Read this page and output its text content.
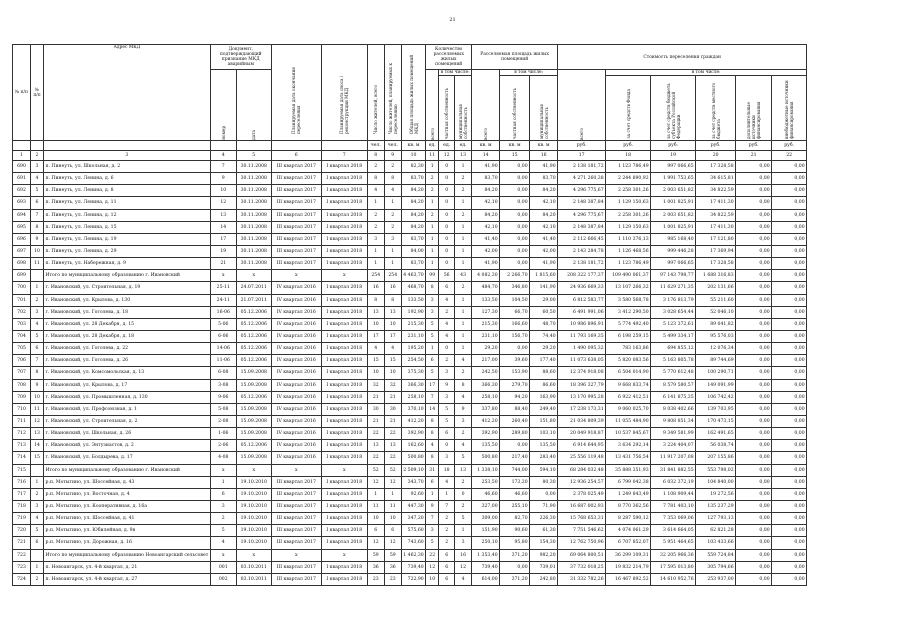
21
№ п/п	№ п/п	Адрес МКД	Документ, подтверждающий признание МКД аварийным		Планируемая дата окончания переселения	Планируемая дата сноса / реконструкции МКД	Число жителей, всего	Число жителей, планируемых к переселению	Общая площадь жилых помещений МКД	Количество расселяемых жилых помещений			Расселяемая площадь жилых помещений			Стоимость переселения граждан					

			номер	дата						всего	в том числе:		всего	в том числе:		всего	в том числе:				

											частная собственность	муниципальная собственность		частная собственность	муниципальная собственность		за счет средств Фонда	за счет средств бюджета субъекта Российской Федерации	за счет средств местного бюджета	дополнительные источники финансирования	внебюджетные источники финансирования

							чел.	чел.	кв. м	ед.	ед.	ед.	кв. м	кв. м	кв. м	руб.	руб.	руб.	руб.	руб.	руб.
1	2	3	4	5	6	7	8	9	10	11	12	13	14	15	16	17	18	19	20	21	22
690	3	п. Пинеуть, ул. Школьная, д. 2	7	30.11.2008	III квартал 2017	I квартал 2018	2	2	82,30	1	0	1	41,90	0,00	41,90	2 138 181,72	1 123 786,49	997 066,65	17 328,58	0,00	0,00
691	4	п. Пинеуть, ул. Ленина, д. 6	9	30.11.2008	III квартал 2017	I квартал 2018	8	8	83,70	2	0	2	83,70	0,00	83,70	4 271 260,38	2 244 890,92	1 991 753,65	34 615,81	0,00	0,00
692	5	п. Пинеуть, ул. Ленина, д. 8	10	30.11.2008	III квартал 2017	I квартал 2018	4	4	84,20	2	0	2	84,20	0,00	84,20	4 296 775,67	2 258 301,26	2 003 651,82	34 822,59	0,00	0,00
693	6	п. Пинеуть, ул. Ленина, д. 11	12	30.11.2008	III квартал 2017	I квартал 2018	1	1	84,20	1	0	1	42,10	0,00	42,10	2 148 387,84	1 129 150,63	1 001 825,91	17 411,30	0,00	0,00
694	7	п. Пинеуть, ул. Ленина, д. 12	13	30.11.2008	III квартал 2017	I квартал 2018	2	2	84,20	2	0	2	84,20	0,00	84,20	4 296 775,67	2 258 301,26	2 003 651,82	34 822,59	0,00	0,00
695	8	п. Пинеуть, ул. Ленина, д. 15	14	30.11.2008	III квартал 2017	I квартал 2018	2	2	84,20	1	0	1	42,10	0,00	42,10	2 148 387,84	1 129 150,63	1 001 825,91	17 411,30	0,00	0,00
696	9	п. Пинеуть, ул. Ленина, д. 19	17	30.11.2008	III квартал 2017	I квартал 2018	3	3	83,70	1	0	1	41,40	0,00	41,40	2 112 666,45	1 110 376,13	985 168,40	17 121,80	0,00	0,00
697	10	п. Пинеуть, ул. Ленина, д. 29	19	30.11.2008	III квартал 2017	I квартал 2018	1	1	84,00	1	0	1	42,00	0,00	42,00	2 143 284,78	1 126 468,56	999 446,28	17 369,94	0,00	0,00
698	11	п. Пинеуть, ул. Набережная, д. 9	21	30.11.2008	III квартал 2017	I квартал 2018	1	1	83,70	1	0	1	41,90	0,00	41,90	2 138 181,72	1 123 786,49	997 066,65	17 328,58	0,00	0,00
699		Итого по муниципальному образованию г. Ивановский	х	х	х	х	254	254	4 463,70	99	56	43	4 082,30	2 266,70	1 815,60	208 322 177,37	109 490 061,37	97 143 798,77	1 688 316,83	0,00	0,00
700	1	г. Ивановский, ул. Строительная, д. 19	25-11	24.07.2011	IV квартал 2016	I квартал 2018	16	16	468,70	8	6	2	484,70	346,80	141,90	24 936 669,33	13 107 266,32	11 629 271,35	202 131,66	0,00	0,00
701	2	г. Ивановский, ул. Крылова, д. 130	24-11	21.07.2011	IV квартал 2016	I квартал 2018	8	8	133,50	3	4	1	133,50	104,50	29,00	6 812 583,77	3 580 568,78	3 176 813,79	55 211,60	0,00	0,00
702	3	г. Ивановский, ул. Гоголева, д. 18	16-06	05.12.2006	IV квартал 2016	I квартал 2018	13	13	192,90	3	2	1	127,30	66,70	60,50	6 491 991,06	3 412 290,50	3 028 654,44	52 046,10	0,00	0,00
703	4	г. Ивановский, ул. 28 Декабря, д. 15	5-06	05.12.2006	IV квартал 2016	I квартал 2018	10	10	215,30	5	4	1	215,30	166,60	48,70	10 986 896,91	5 774 492,40	5 123 372,61	89 041,82	0,00	0,00
704	5	г. Ивановский, ул. 28 Декабря, д. 18	6-06	05.12.2006	IV квартал 2016	I квартал 2018	17	17	231,10	5	4	1	231,10	156,70	74,40	11 793 169,35	6 198 259,15	5 499 334,17	95 576,03	0,00	0,00
705	6	г. Ивановский, ул. Гоголева, д. 22	14-06	05.12.2006	IV квартал 2016	I квартал 2018	4	4	195,20	1	0	1	29,20	0,00	29,20	1 490 095,32	783 163,86	694 855,12	12 076,34	0,00	0,00
706	7	г. Ивановский, ул. Гоголева, д. 26	11-06	05.12.2006	IV квартал 2016	I квартал 2018	15	15	254,50	6	2	4	217,00	39,60	177,40	11 073 638,05	5 820 083,56	5 163 805,78	89 744,69	0,00	0,00
707	8	г. Ивановский, ул. Комсомольская, д. 13	6-08	15.09.2008	IV квартал 2016	I квартал 2018	10	10	375,30	5	3	2	242,50	153,90	88,60	12 374 918,08	6 504 014,90	5 770 612,48	100 290,71	0,00	0,00
708	9	г. Ивановский, ул. Крылова, д. 17	3-08	15.09.2008	IV квартал 2016	I квартал 2018	32	32	366,30	17	9	8	366,30	279,70	86,60	18 396 327,79	9 668 833,74	8 579 580,57	149 091,99	0,00	0,00
709	10	г. Ивановский, ул. Промышленная, д. 130	9-06	05.12.2006	IV квартал 2016	I квартал 2018	21	21	258,10	7	3	4	258,10	94,20	163,90	13 170 995,28	6 922 412,51	6 141 875,35	106 742,42	0,00	0,00
710	11	г. Ивановский, ул. Профсоюзная, д. 1	5-08	15.09.2008	IV квартал 2016	I квартал 2018	30	30	370,10	14	5	9	337,80	88,40	249,40	17 238 173,31	9 060 025,70	8 038 402,66	139 703,95	0,00	0,00
711	12	г. Ивановский, ул. Строительная, д. 2	2-08	15.09.2008	IV квартал 2016	I квартал 2018	21	21	412,20	8	5	3	412,20	260,40	151,80	21 034 809,39	11 055 484,90	9 808 851,34	170 473,15	0,00	0,00
712	13	г. Ивановский, ул. Школьная, д. 26	1-06	15.09.2008	IV квартал 2016	I квартал 2018	22	22	392,90	8	6	2	392,90	289,80	103,10	20 049 918,87	10 537 845,67	9 349 581,99	162 491,65	0,00	0,00
713	14	г. Ивановский, ул. Энтузиастов, д. 2	2-06	05.12.2006	IV квартал 2016	I квартал 2018	13	13	162,60	4	0	4	135,50	0,00	135,50	6 914 644,95	3 634 292,14	3 224 404,07	56 038,74	0,00	0,00
714	15	г. Ивановский, ул. Болдырева, д. 17	4-08	15.09.2008	IV квартал 2016	I квартал 2018	22	22	500,80	8	3	5	500,80	217,40	283,40	25 556 119,48	13 431 756,54	11 917 207,08	207 155,86	0,00	0,00
715		Итого по муниципальному образованию г. Ивановский	х	х	х	х	52	52	2 509,10	31	18	13	1 338,10	744,00	594,10	68 284 032,48	35 888 351,93	31 841 882,55	553 798,02	0,00	0,00
716	1	р.п. Мотыгино, ул. Шоссейная, д. 43	1	19.10.2010	III квартал 2017	I квартал 2018	12	12	343,70	6	4	2	253,50	173,20	80,30	12 936 254,57	6 799 042,38	6 032 372,19	104 840,00	0,00	0,00
717	2	р.п. Мотыгино, ул. Восточная, д. 4	6	19.10.2010	III квартал 2017	I квартал 2018	1	1	92,60	1	1	0	46,60	46,60	0,00	2 378 025,49	1 249 843,49	1 108 909,44	19 272,56	0,00	0,00
718	3	р.п. Мотыгино, ул. Кооперативная, д. 16а	3	19.10.2010	III квартал 2017	I квартал 2018	11	11	447,30	9	7	2	327,00	255,10	71,90	16 687 002,93	8 770 362,56	7 781 403,10	135 237,29	0,00	0,00
719	4	р.п. Мотыгино, ул. Шоссейная, д. 41	2	19.10.2010	III квартал 2017	I квартал 2018	10	10	347,20	7	2	5	309,00	82,70	226,30	15 768 653,31	8 287 590,12	7 353 069,06	127 793,13	0,00	0,00
720	5	р.п. Мотыгино, ул. Юбилейная, д. 9в	5	19.10.2010	III квартал 2017	I квартал 2018	6	6	575,60	3	2	1	151,90	90,60	61,30	7 751 546,62	4 074 061,29	3 614 664,05	62 821,28	0,00	0,00
721	6	р.п. Мотыгино, ул. Дорожная, д. 16	4	19.10.2010	III квартал 2017	I квартал 2018	12	12	743,60	5	2	3	250,10	95,80	154,30	12 762 750,96	6 707 852,07	5 951 464,65	103 433,66	0,00	0,00
722		Итого по муниципальному образованию Новоангарский сельсовет	х	х	х	х	59	59	1 462,30	22	6	16	1 353,40	371,20	982,20	69 064 800,51	36 299 109,31	32 205 966,36	559 724,84	0,00	0,00
723	1	п. Новоангарск, ул. 4-й квартал, д. 21	001	03.10.2011	III квартал 2017	I квартал 2018	36	36	739,40	12	6	12	739,40	0,00	739,01	37 732 018,25	19 832 214,79	17 595 013,80	305 794,66	0,00	0,00
724	2	п. Новоангарск, ул. 4-й квартал, д. 27	002	03.10.2011	III квартал 2017	I квартал 2018	23	23	722,90	10	6	4	614,00	371,20	242,80	31 332 782,26	16 467 892,52	14 610 952,76	253 937,00	0,00	0,00
